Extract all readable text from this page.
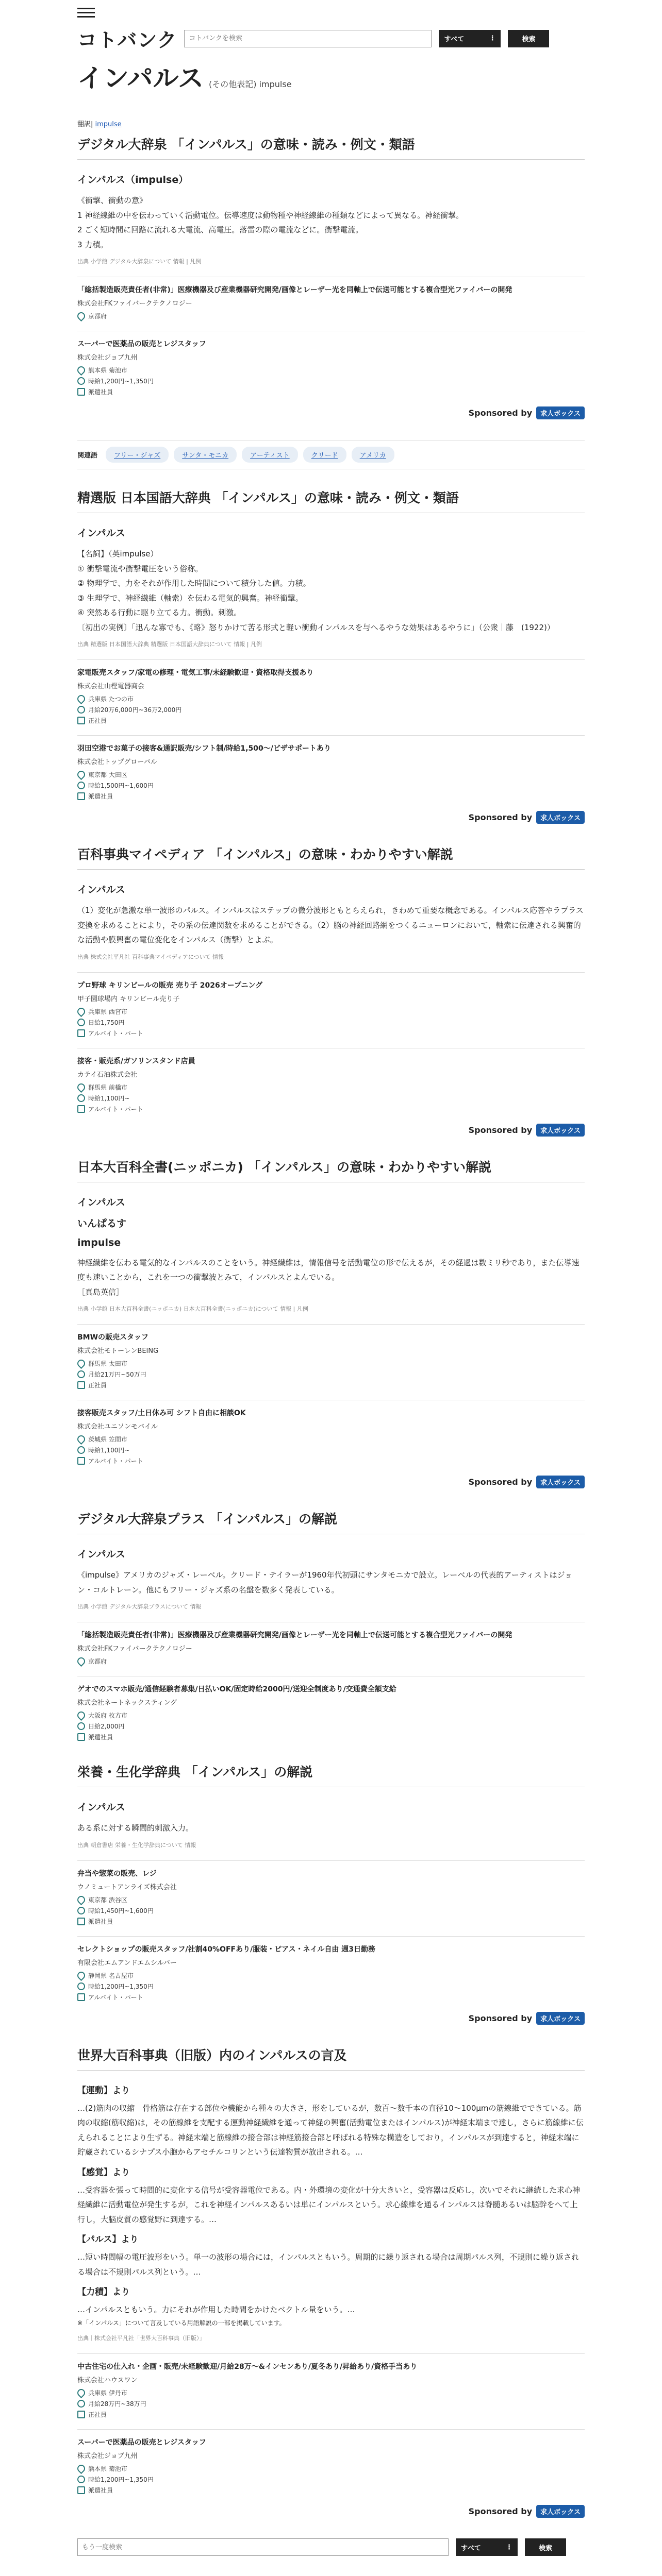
コトバンク
コトバンクを検索	すべて	⋮	検索
インパルス (その他表記) impulse
翻訳| impulse
デジタル大辞泉 「インパルス」の意味・読み・例文・類語
インパルス（impulse）

《衝撃、衝動の意》

1 神経線維の中を伝わっていく活動電位。伝導速度は動物種や神経線維の種類などによって異なる。神経衝撃。
2 ごく短時間に回路に流れる大電流、高電圧。落雷の際の電流などに。衝撃電流。
3 力積。
出典 小学館 デジタル大辞泉について 情報 | 凡例
「総括製造販売責任者(非常)」医療機器及び産業機器研究開発/画像とレーザー光を同軸上で伝送可能とする複合型光ファイバーの開発
株式会社FKファイバークテクノロジー
京都府
スーパーで医薬品の販売とレジスタッフ
株式会社ジョブ九州
熊本県 菊池市
時給1,200円~1,350円
派遣社員
Sponsored by	求人ボックス
関連語	フリー・ジャズ	サンタ・モニカ	アーティスト	クリード	アメリカ
精選版 日本国語大辞典 「インパルス」の意味・読み・例文・類語
インパルス

【名詞】（英impulse）

① 衝撃電流や衝撃電圧をいう俗称。

② 物理学で、力をそれが作用した時間について積分した値。力積。

③ 生理学で、神経繊維（軸索）を伝わる電気的興奮。神経衝撃。

④ 突然ある行動に駆り立てる力。衝動。刺激。

〔初出の実例〕「迅んな寡でも、《略》怒りかけて苦る形式と軽い衝動インパルスを与へるやうな効果はあるやうに」（公衆｜藤　(1922)）

出典 精選版 日本国語大辞典 精選版 日本国語大辞典について 情報 | 凡例
家電販売スタッフ/家電の修理・電気工事/未経験歓迎・資格取得支援あり
株式会社山樫電器商会
兵庫県 たつの市
月給20万6,000円~36万2,000円
正社員
羽田空港でお菓子の接客&通訳販売/シフト制/時給1,500～/ビザサポートあり
株式会社トップグローバル
東京都 大田区
時給1,500円~1,600円
派遣社員
Sponsored by	求人ボックス
百科事典マイペディア 「インパルス」の意味・わかりやすい解説
インパルス

（1）変化が急激な単一波形のパルス。インパルスはステップの微分波形ともとらえられ，きわめて重要な概念である。インパルス応答やラプラス変換を求めることにより，その系の伝達関数を求めることができる。（2）脳の神経回路網をつくるニューロンにおいて，軸索に伝達される興奮的な活動や膜興奮の電位変化をインパルス（衝撃）とよぶ。

出典 株式会社平凡社 百科事典マイペディアについて 情報
プロ野球 キリンビールの販売 売り子 2026オープニング
甲子園球場内 キリンビール売り子
兵庫県 西宮市
日給1,750円
アルバイト・パート
接客・販売系/ガソリンスタンド店員
カテイ石油株式会社
群馬県 前橋市
時給1,100円~
アルバイト・パート
Sponsored by	求人ボックス
日本大百科全書(ニッポニカ) 「インパルス」の意味・わかりやすい解説
インパルス
いんぱるす
impulse

神経繊維を伝わる電気的なインパルスのことをいう。神経繊維は，情報信号を活動電位の形で伝えるが，その経過は数ミリ秒であり，また伝導速度も速いことから，これを一つの衝撃波とみて，インパルスとよんでいる。

［真島英信］

出典 小学館 日本大百科全書(ニッポニカ) 日本大百科全書(ニッポニカ)について 情報 | 凡例
BMWの販売スタッフ
株式会社モトーレンBEING
群馬県 太田市
月給21万円~50万円
正社員
接客販売スタッフ/土日休み可 シフト自由に相談OK
株式会社ユニソンモバイル
茨城県 笠間市
時給1,100円~
アルバイト・パート
Sponsored by	求人ボックス
デジタル大辞泉プラス 「インパルス」の解説
インパルス

《impulse》アメリカのジャズ・レーベル。クリード・テイラーが1960年代初頭にサンタモニカで設立。レーベルの代表的アーティストはジョン・コルトレーン。他にもフリー・ジャズ系の名盤を数多く発表している。

出典 小学館 デジタル大辞泉プラスについて 情報
「総括製造販売責任者(非常)」医療機器及び産業機器研究開発/画像とレーザー光を同軸上で伝送可能とする複合型光ファイバーの開発
株式会社FKファイバークテクノロジー
京都府
ゲオでのスマホ販売/通信経験者募集/日払いOK/固定時給2000円/送迎全制度あり/交通費全額支給
株式会社ネートネックスティング
大阪府 枚方市
日給2,000円
派遣社員
栄養・生化学辞典 「インパルス」の解説
インパルス

ある系に対する瞬間的刺激入力。

出典 朝倉書店 栄養・生化学辞典について 情報
弁当や惣菜の販売、レジ
ウノミュートアンライズ株式会社
東京都 渋谷区
時給1,450円~1,600円
派遣社員
セレクトショップの販売スタッフ/社割40%OFFあり/服装・ピアス・ネイル自由 週3日勤務
有限会社エムアンドエムシルバー
静岡県 名古屋市
時給1,200円~1,350円
アルバイト・パート
Sponsored by	求人ボックス
世界大百科事典（旧版）内のインパルスの言及
【運動】より

…(2)筋肉の収縮　骨格筋は存在する部位や機能から種々の大きさ，形をしているが，数百～数千本の直径10～100μmの筋線維でできている。筋肉の収縮(筋収縮)は，その筋線維を支配する運動神経繊維を通って神経の興奮(活動電位またはインパルス)が神経末端まで達し，さらに筋線維に伝えられることにより生ずる。神経末端と筋線維の接合部は神経筋接合部と呼ばれる特殊な構造をしており，インパルスが到達すると，神経末端に貯蔵されているシナプス小胞からアセチルコリンという伝達物質が放出される。…

【感覚】より

…受容器を張って時間的に変化する信号が受容器電位である。内・外環境の変化が十分大きいと，受容器は反応し，次いでそれに継続した求心神経繊維に活動電位が発生するが，これを神経インパルスあるいは単にインパルスという。求心線維を通るインパルスは脊髄あるいは脳幹をへて上行し，大脳皮質の感覚野に到達する。…

【パルス】より

…短い時間幅の電圧波形をいう。単一の波形の場合には，インパルスともいう。周期的に繰り返される場合は周期パルス列，不規則に繰り返される場合は不規則パルス列という。…

【力積】より

…インパルスともいう。力にそれが作用した時間をかけたベクトル量をいう。…

※「インパルス」について言及している用語解説の一部を掲載しています。

出典｜株式会社平凡社「世界大百科事典（旧版）」
中古住宅の仕入れ・企画・販売/未経験歓迎/月給28万～&インセンあり/夏冬あり/昇給あり/資格手当あり
株式会社ハウスワン
兵庫県 伊丹市
月給28万円~38万円
正社員
スーパーで医薬品の販売とレジスタッフ
株式会社ジョブ九州
熊本県 菊池市
時給1,200円~1,350円
派遣社員
Sponsored by	求人ボックス
もう一度検索
すべて	⋮	検索
